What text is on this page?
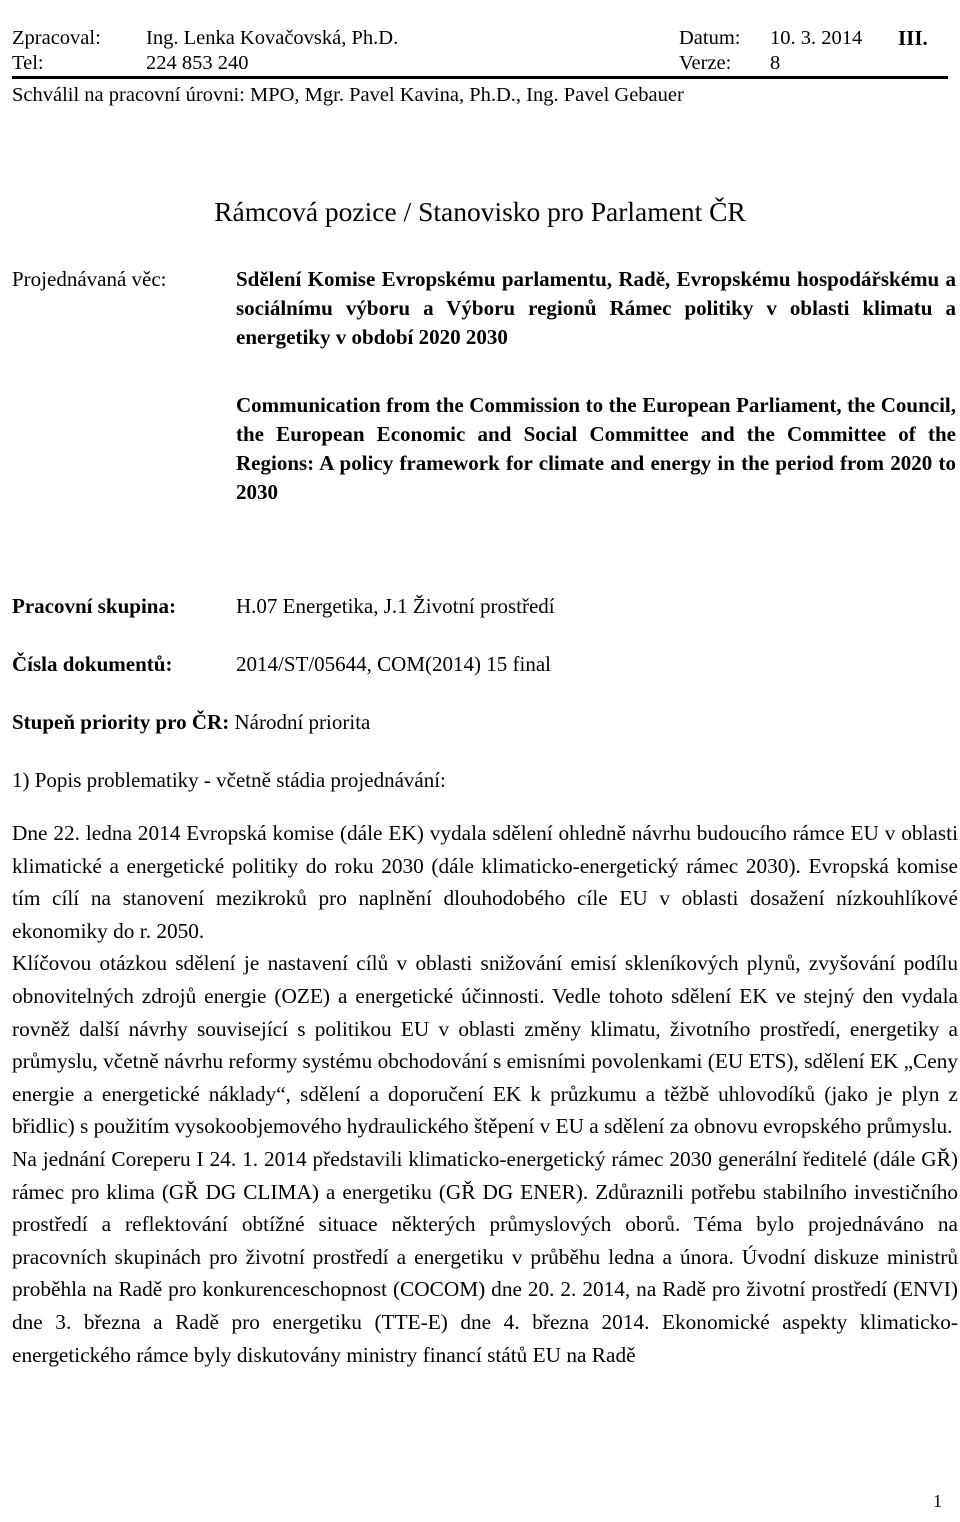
Zpracoval: Ing. Lenka Kovačovská, Ph.D.	Datum: 10. 3. 2014 III.
Tel:	224 853 240	Verze: 8
Schválil na pracovní úrovni: MPO, Mgr. Pavel Kavina, Ph.D., Ing. Pavel Gebauer
Rámcová pozice / Stanovisko pro Parlament ČR
Projednávaná věc:	Sdělení Komise Evropskému parlamentu, Radě, Evropskému hospodářskému a sociálnímu výboru a Výboru regionů Rámec politiky v oblasti klimatu a energetiky v období 2020 2030
Communication from the Commission to the European Parliament, the Council, the European Economic and Social Committee and the Committee of the Regions: A policy framework for climate and energy in the period from 2020 to 2030
Pracovní skupina:	H.07 Energetika, J.1 Životní prostředí
Čísla dokumentů:	2014/ST/05644, COM(2014) 15 final
Stupeň priority pro ČR: Národní priorita
1) Popis problematiky - včetně stádia projednávání:

Dne 22. ledna 2014 Evropská komise (dále EK) vydala sdělení ohledně návrhu budoucího rámce EU v oblasti klimatické a energetické politiky do roku 2030 (dále klimaticko-energetický rámec 2030). Evropská komise tím cílí na stanovení mezikroků pro naplnění dlouhodobého cíle EU v oblasti dosažení nízkouhlíkové ekonomiky do r. 2050.

Klíčovou otázkou sdělení je nastavení cílů v oblasti snižování emisí skleníkových plynů, zvyšování podílu obnovitelných zdrojů energie (OZE) a energetické účinnosti. Vedle tohoto sdělení EK ve stejný den vydala rovněž další návrhy související s politikou EU v oblasti změny klimatu, životního prostředí, energetiky a průmyslu, včetně návrhu reformy systému obchodování s emisními povolenkami (EU ETS), sdělení EK „Ceny energie a energetické náklady“, sdělení a doporučení EK k průzkumu a těžbě uhlovodíků (jako je plyn z břidlic) s použitím vysokoobjemového hydraulického štěpení v EU a sdělení za obnovu evropského průmyslu.

Na jednání Coreperu I 24. 1. 2014 představili klimaticko-energetický rámec 2030 generální ředitelé (dále GŘ) rámec pro klima (GŘ DG CLIMA) a energetiku (GŘ DG ENER). Zdůraznili potřebu stabilního investičního prostředí a reflektování obtížné situace některých průmyslových oborů. Téma bylo projednáváno na pracovních skupinách pro životní prostředí a energetiku v průběhu ledna a února. Úvodní diskuze ministrů proběhla na Radě pro konkurenceschopnost (COCOM) dne 20. 2. 2014, na Radě pro životní prostředí (ENVI) dne 3. března a Radě pro energetiku (TTE-E) dne 4. března 2014. Ekonomické aspekty klimaticko-energetického rámce byly diskutovány ministry financí států EU na Radě

1
